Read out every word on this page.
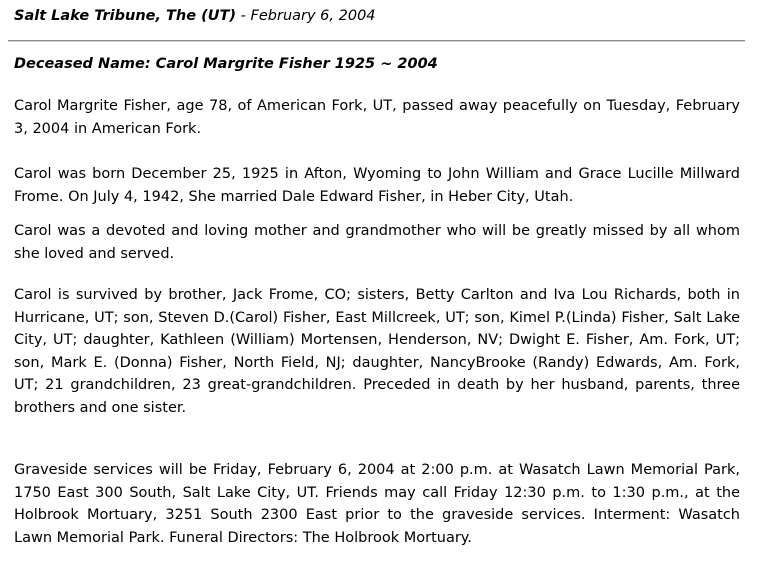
Salt Lake Tribune, The (UT) - February 6, 2004
Deceased Name: Carol Margrite Fisher 1925 ~ 2004

Carol Margrite Fisher, age 78, of American Fork, UT, passed away peacefully on Tuesday, February 3, 2004 in American Fork.

Carol was born December 25, 1925 in Afton, Wyoming to John William and Grace Lucille Millward Frome. On July 4, 1942, She married Dale Edward Fisher, in Heber City, Utah.

Carol was a devoted and loving mother and grandmother who will be greatly missed by all whom she loved and served.

Carol is survived by brother, Jack Frome, CO; sisters, Betty Carlton and Iva Lou Richards, both in Hurricane, UT; son, Steven D.(Carol) Fisher, East Millcreek, UT; son, Kimel P.(Linda) Fisher, Salt Lake City, UT; daughter, Kathleen (William) Mortensen, Henderson, NV; Dwight E. Fisher, Am. Fork, UT; son, Mark E. (Donna) Fisher, North Field, NJ; daughter, NancyBrooke (Randy) Edwards, Am. Fork, UT; 21 grandchildren, 23 great-grandchildren. Preceded in death by her husband, parents, three brothers and one sister.

Graveside services will be Friday, February 6, 2004 at 2:00 p.m. at Wasatch Lawn Memorial Park, 1750 East 300 South, Salt Lake City, UT. Friends may call Friday 12:30 p.m. to 1:30 p.m., at the Holbrook Mortuary, 3251 South 2300 East prior to the graveside services. Interment: Wasatch Lawn Memorial Park. Funeral Directors: The Holbrook Mortuary.
